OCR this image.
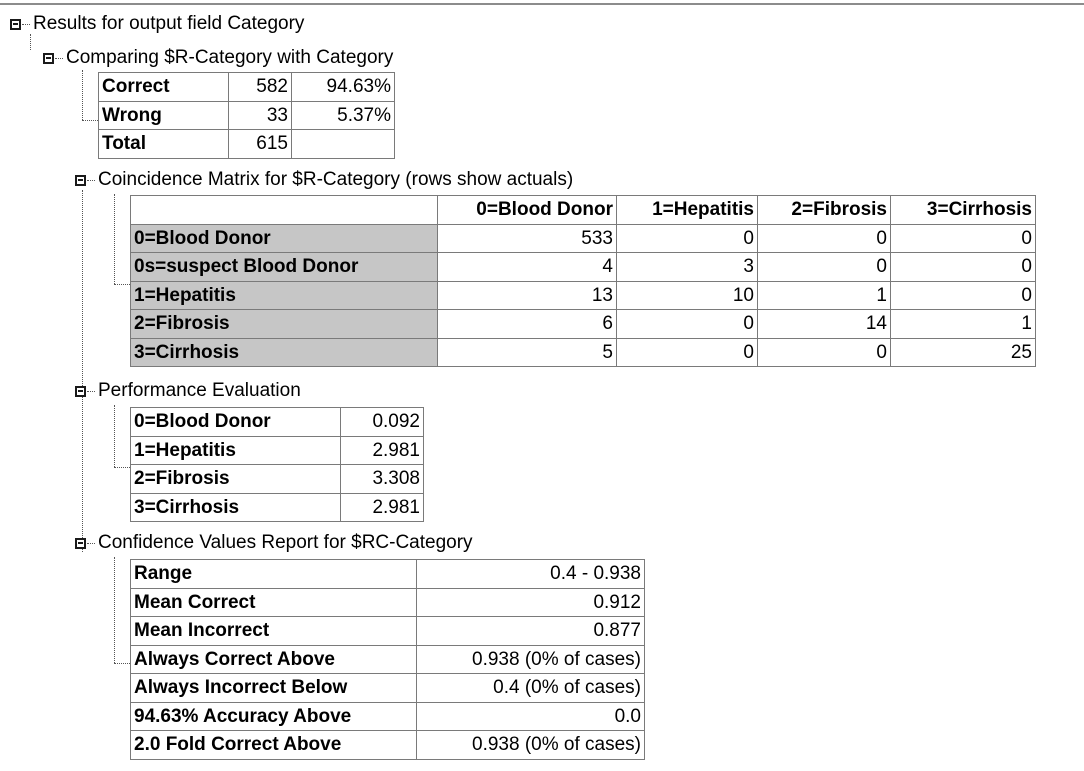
Results for output field Category
Comparing $R-Category with Category
Correct	582	94.63%
Wrong	33	5.37%
Total	615	
Coincidence Matrix for $R-Category (rows show actuals)
	0=Blood Donor	1=Hepatitis	2=Fibrosis	3=Cirrhosis
0=Blood Donor	533	0	0	0
0s=suspect Blood Donor	4	3	0	0
1=Hepatitis	13	10	1	0
2=Fibrosis	6	0	14	1
3=Cirrhosis	5	0	0	25
Performance Evaluation
0=Blood Donor	0.092
1=Hepatitis	2.981
2=Fibrosis	3.308
3=Cirrhosis	2.981
Confidence Values Report for $RC-Category
Range	0.4 - 0.938
Mean Correct	0.912
Mean Incorrect	0.877
Always Correct Above	0.938 (0% of cases)
Always Incorrect Below	0.4 (0% of cases)
94.63% Accuracy Above	0.0
2.0 Fold Correct Above	0.938 (0% of cases)
